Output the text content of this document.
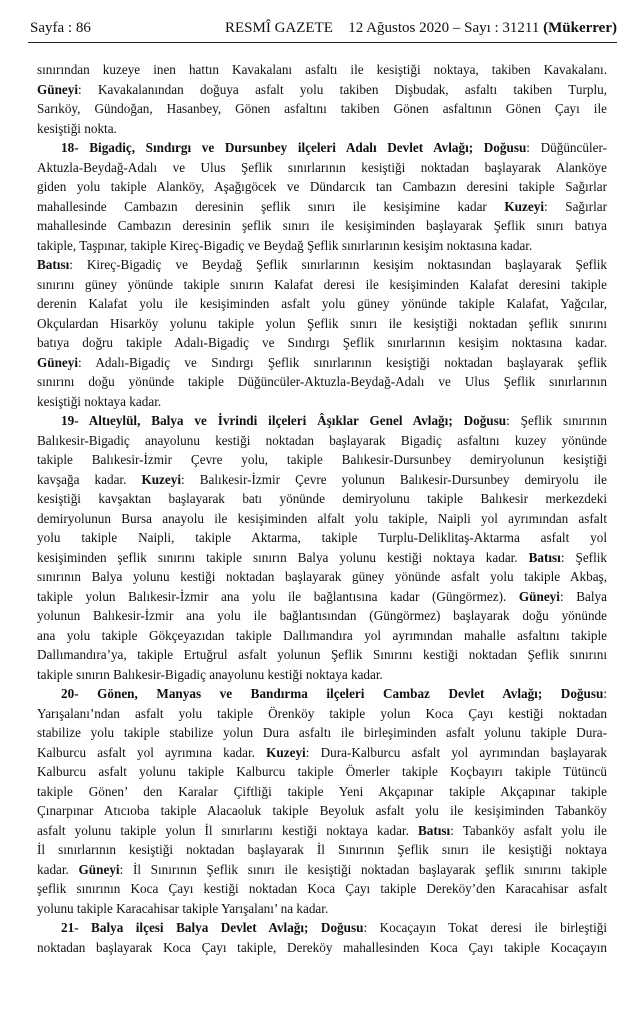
Sayfa : 86	RESMÎ GAZETE 12 Ağustos 2020 – Sayı : 31211 (Mükerrer)
sınırından kuzeye inen hattın Kavakalanı asfaltı ile kesiştiği noktaya, takiben Kavakalanı.
Güneyi: Kavakalanından doğuya asfalt yolu takiben Dişbudak, asfaltı takiben Turplu,
Sarıköy, Gündoğan, Hasanbey, Gönen asfaltını takiben Gönen asfaltının Gönen Çayı ile
kesiştiği nokta.
18- Bigadiç, Sındırgı ve Dursunbey ilçeleri Adalı Devlet Avlağı; Doğusu: Düğüncüler-
Aktuzla-Beydağ-Adalı ve Ulus Şeflik sınırlarının kesiştiği noktadan başlayarak Alanköye
giden yolu takiple Alanköy, Aşağıgöcek ve Dündarcık tan Cambazın deresini takiple Sağırlar
mahallesinde Cambazın deresinin şeflik sınırı ile kesişimine kadar Kuzeyi: Sağırlar
mahallesinde Cambazın deresinin şeflik sınırı ile kesişiminden başlayarak Şeflik sınırı batıya
takiple, Taşpınar, takiple Kireç-Bigadiç ve Beydağ Şeflik sınırlarının kesişim noktasına kadar.
Batısı: Kireç-Bigadiç ve Beydağ Şeflik sınırlarının kesişim noktasından başlayarak Şeflik
sınırını güney yönünde takiple sınırın Kalafat deresi ile kesişiminden Kalafat deresini takiple
derenin Kalafat yolu ile kesişiminden asfalt yolu güney yönünde takiple Kalafat, Yağcılar,
Okçulardan Hisarköy yolunu takiple yolun Şeflik sınırı ile kesiştiği noktadan şeflik sınırını
batıya doğru takiple Adalı-Bigadiç ve Sındırgı Şeflik sınırlarının kesişim noktasına kadar.
Güneyi: Adalı-Bigadiç ve Sındırgı Şeflik sınırlarının kesiştiği noktadan başlayarak şeflik
sınırını doğu yönünde takiple Düğüncüler-Aktuzla-Beydağ-Adalı ve Ulus Şeflik sınırlarının
kesiştiği noktaya kadar.
19- Altıeylül, Balya ve İvrindi ilçeleri Âşıklar Genel Avlağı; Doğusu: Şeflik sınırının
Balıkesir-Bigadiç anayolunu kestiği noktadan başlayarak Bigadiç asfaltını kuzey yönünde
takiple Balıkesir-İzmir Çevre yolu, takiple Balıkesir-Dursunbey demiryolunun kesiştiği
kavşağa kadar. Kuzeyi: Balıkesir-İzmir Çevre yolunun Balıkesir-Dursunbey demiryolu ile
kesiştiği kavşaktan başlayarak batı yönünde demiryolunu takiple Balıkesir merkezdeki
demiryolunun Bursa anayolu ile kesişiminden alfalt yolu takiple, Naipli yol ayrımından asfalt
yolu takiple Naipli, takiple Aktarma, takiple Turplu-Deliklitaş-Aktarma asfalt yol
kesişiminden şeflik sınırını takiple sınırın Balya yolunu kestiği noktaya kadar. Batısı: Şeflik
sınırının Balya yolunu kestiği noktadan başlayarak güney yönünde asfalt yolu takiple Akbaş,
takiple yolun Balıkesir-İzmir ana yolu ile bağlantısına kadar (Güngörmez). Güneyi: Balya
yolunun Balıkesir-İzmir ana yolu ile bağlantısından (Güngörmez) başlayarak doğu yönünde
ana yolu takiple Gökçeyazıdan takiple Dallımandıra yol ayrımından mahalle asfaltını takiple
Dallımandıra’ya, takiple Ertuğrul asfalt yolunun Şeflik Sınırını kestiği noktadan Şeflik sınırını
takiple sınırın Balıkesir-Bigadiç anayolunu kestiği noktaya kadar.
20- Gönen, Manyas ve Bandırma ilçeleri Cambaz Devlet Avlağı; Doğusu:
Yarışalanı’ndan asfalt yolu takiple Örenköy takiple yolun Koca Çayı kestiği noktadan
stabilize yolu takiple stabilize yolun Dura asfaltı ile birleşiminden asfalt yolunu takiple Dura-
Kalburcu asfalt yol ayrımına kadar. Kuzeyi: Dura-Kalburcu asfalt yol ayrımından başlayarak
Kalburcu asfalt yolunu takiple Kalburcu takiple Ömerler takiple Koçbayırı takiple Tütüncü
takiple Gönen’ den Karalar Çiftliği takiple Yeni Akçapınar takiple Akçapınar takiple
Çınarpınar Atıcıoba takiple Alacaoluk takiple Beyoluk asfalt yolu ile kesişiminden Tabanköy
asfalt yolunu takiple yolun İl sınırlarını kestiği noktaya kadar. Batısı: Tabanköy asfalt yolu ile
İl sınırlarının kesiştiği noktadan başlayarak İl Sınırının Şeflik sınırı ile kesiştiği noktaya
kadar. Güneyi: İl Sınırının Şeflik sınırı ile kesiştiği noktadan başlayarak şeflik sınırını takiple
şeflik sınırının Koca Çayı kestiği noktadan Koca Çayı takiple Dereköy’den Karacahisar asfalt
yolunu takiple Karacahisar takiple Yarışalanı’ na kadar.
21- Balya ilçesi Balya Devlet Avlağı; Doğusu: Kocaçayın Tokat deresi ile birleştiği
noktadan başlayarak Koca Çayı takiple, Dereköy mahallesinden Koca Çayı takiple Kocaçayın
